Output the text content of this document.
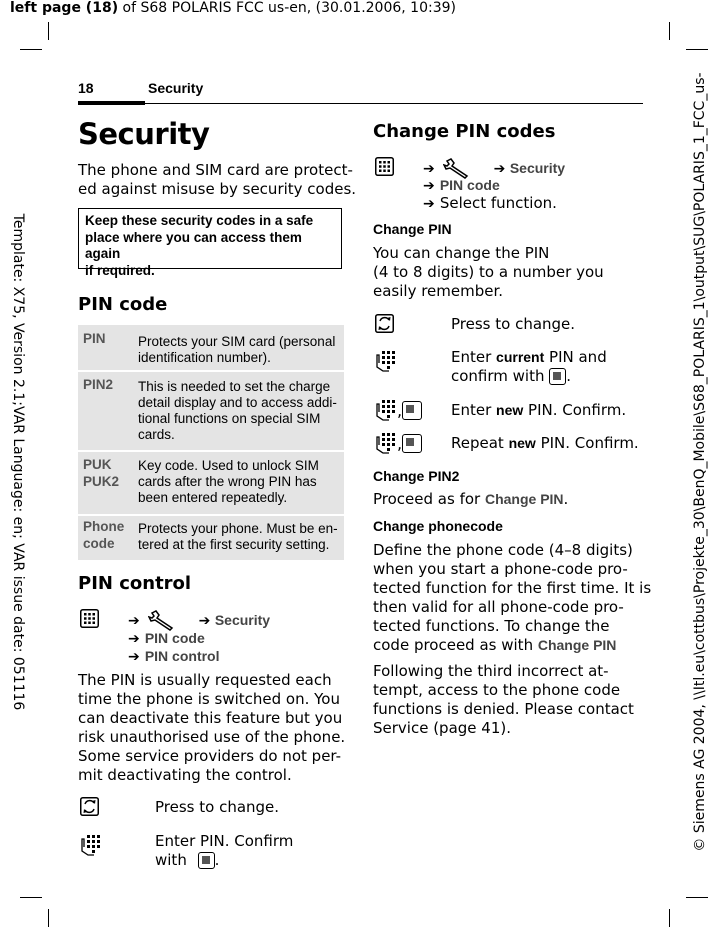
left page (18) of S68 POLARIS FCC us-en, (30.01.2006, 10:39)
Template: X75, Version 2.1;VAR Language: en; VAR issue date: 051116	© Siemens AG 2004, \\Itl.eu\cottbus\Projekte_30\BenQ_Mobile\S68_POLARIS_1\output\SUG\POLARIS_1_FCC_us-
18	Security
Security
The phone and SIM card are protect-
ed against misuse by security codes.
Keep these security codes in a safe
place where you can access them again
if required.
PIN code
PIN Protects your SIM card (personal
identification number).
PIN2 This is needed to set the charge
detail display and to access addi-
tional functions on special SIM
cards.
PUK
PUK2
Key code. Used to unlock SIM
cards after the wrong PIN has
been entered repeatedly.
Phone
code
Protects your phone. Must be en-
tered at the first security setting.
PIN control
➔	➔ Security
➔ PIN code
➔ PIN control
The PIN is usually requested each
time the phone is switched on. You
can deactivate this feature but you
risk unauthorised use of the phone.
Some service providers do not per-
mit deactivating the control.
Press to change.
Enter PIN. Confirm
with .
Change PIN codes
➔	➔ Security
➔ PIN code
➔ Select function.
Change PIN
You can change the PIN
(4 to 8 digits) to a number you
easily remember.
Press to change.
Enter current PIN and
confirm with .
,	Enter new PIN. Confirm.
,	Repeat new PIN. Confirm.
Change PIN2
Proceed as for Change PIN.
Change phonecode
Define the phone code (4–8 digits)
when you start a phone-code pro-
tected function for the first time. It is
then valid for all phone-code pro-
tected functions. To change the
code proceed as with Change PIN
Following the third incorrect at-
tempt, access to the phone code
functions is denied. Please contact
Service (page 41).
